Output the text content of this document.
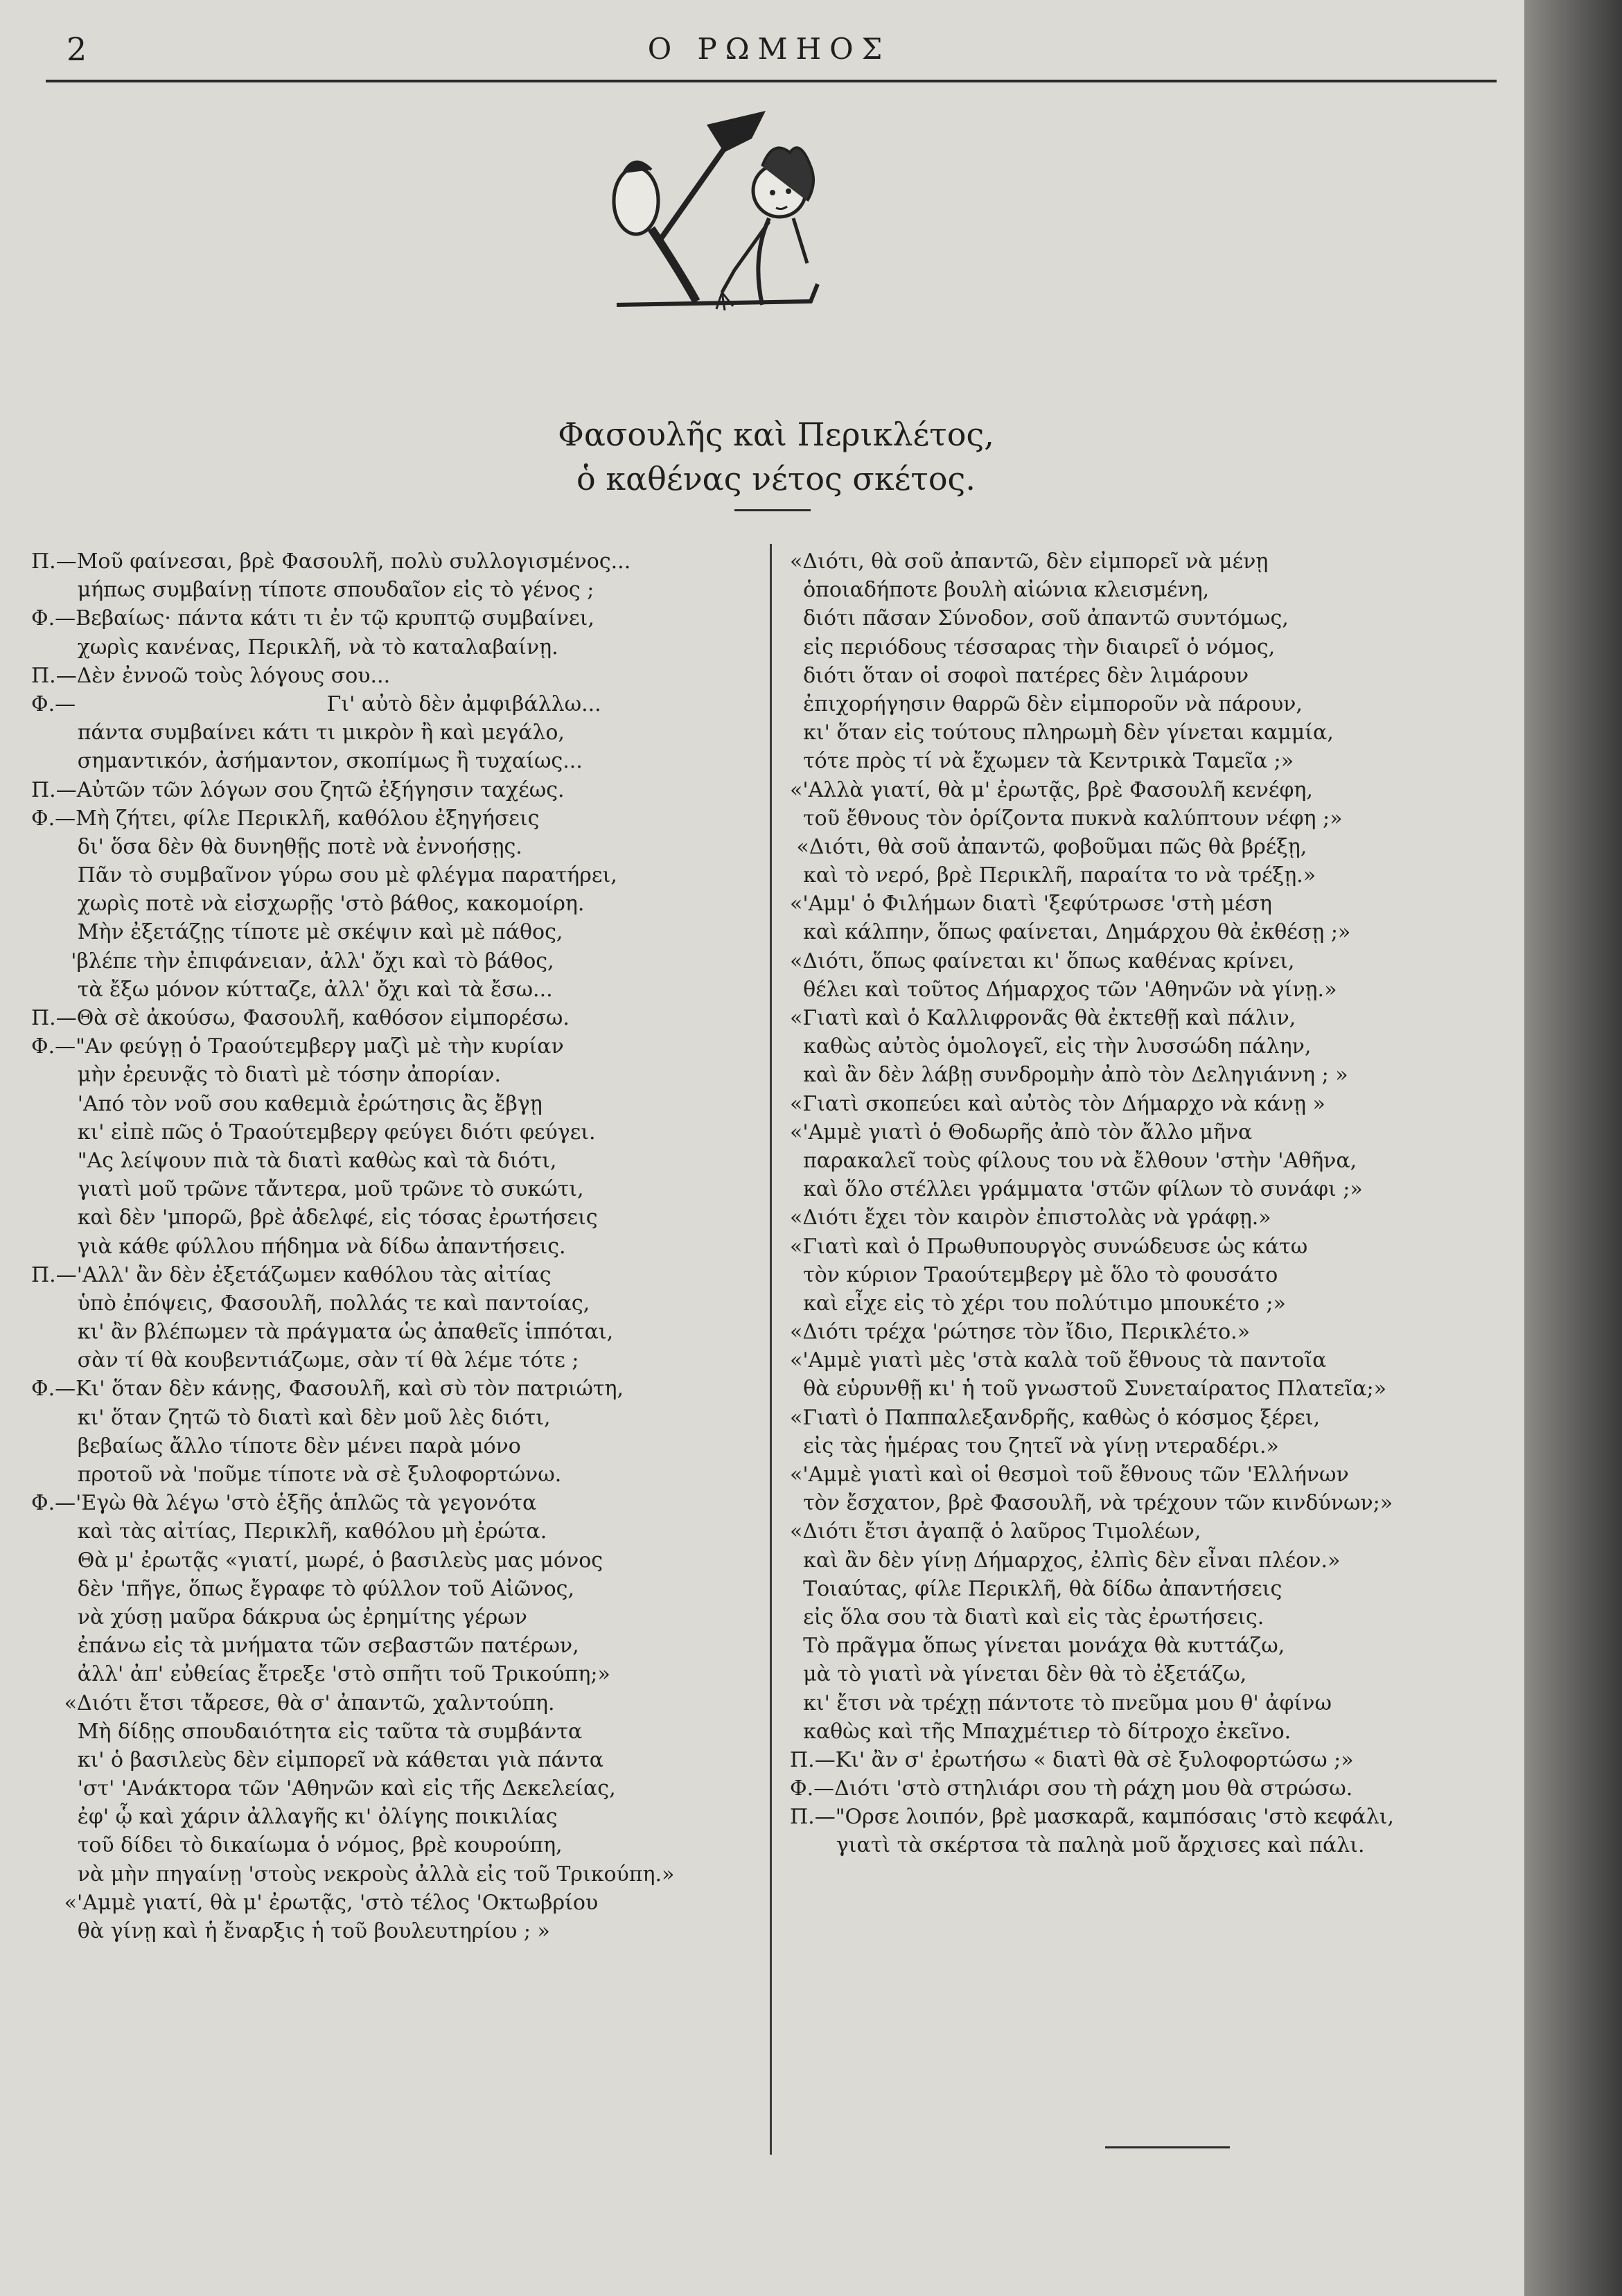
2	Ο ΡΩΜΗΟΣ
Φασουλῆς καὶ Περικλέτος,
ὁ καθένας νέτος σκέτος.
Π.—Μοῦ φαίνεσαι, βρὲ Φασουλῆ, πολὺ συλλογισμένος...
μήπως συμβαίνῃ τίποτε σπουδαῖον εἰς τὸ γένος ;
Φ.—Βεβαίως· πάντα κάτι τι ἐν τῷ κρυπτῷ συμβαίνει,
χωρὶς κανένας, Περικλῆ, νὰ τὸ καταλαβαίνῃ.
Π.—Δὲν ἐννοῶ τοὺς λόγους σου...
Φ.—                                      Γι' αὐτὸ δὲν ἀμφιβάλλω...
πάντα συμβαίνει κάτι τι μικρὸν ἢ καὶ μεγάλο,
σημαντικόν, ἀσήμαντον, σκοπίμως ἢ τυχαίως...
Π.—Αὐτῶν τῶν λόγων σου ζητῶ ἐξήγησιν ταχέως.
Φ.—Μὴ ζήτει, φίλε Περικλῆ, καθόλου ἐξηγήσεις
δι' ὅσα δὲν θὰ δυνηθῇς ποτὲ νὰ ἐννοήσῃς.
Πᾶν τὸ συμβαῖνον γύρω σου μὲ φλέγμα παρατήρει,
χωρὶς ποτὲ νὰ εἰσχωρῇς 'στὸ βάθος, κακομοίρη.
Μὴν ἐξετάζῃς τίποτε μὲ σκέψιν καὶ μὲ πάθος,
'βλέπε τὴν ἐπιφάνειαν, ἀλλ' ὄχι καὶ τὸ βάθος,
τὰ ἔξω μόνον κύτταζε, ἀλλ' ὄχι καὶ τὰ ἔσω...
Π.—Θὰ σὲ ἀκούσω, Φασουλῆ, καθόσον εἰμπορέσω.
Φ.—"Αν φεύγῃ ὁ Τραούτεμβεργ μαζὶ μὲ τὴν κυρίαν
μὴν ἐρευνᾷς τὸ διατὶ μὲ τόσην ἀπορίαν.
'Από τὸν νοῦ σου καθεμιὰ ἐρώτησις ἂς ἔβγῃ
κι' εἰπὲ πῶς ὁ Τραούτεμβεργ φεύγει διότι φεύγει.
"Ας λείψουν πιὰ τὰ διατὶ καθὼς καὶ τὰ διότι,
γιατὶ μοῦ τρῶνε τἄντερα, μοῦ τρῶνε τὸ συκώτι,
καὶ δὲν 'μπορῶ, βρὲ ἀδελφέ, εἰς τόσας ἐρωτήσεις
γιὰ κάθε φύλλου πήδημα νὰ δίδω ἀπαντήσεις.
Π.—'Αλλ' ἂν δὲν ἐξετάζωμεν καθόλου τὰς αἰτίας
ὑπὸ ἐπόψεις, Φασουλῆ, πολλάς τε καὶ παντοίας,
κι' ἂν βλέπωμεν τὰ πράγματα ὡς ἀπαθεῖς ἱππόται,
σὰν τί θὰ κουβεντιάζωμε, σὰν τί θὰ λέμε τότε ;
Φ.—Κι' ὅταν δὲν κάνῃς, Φασουλῆ, καὶ σὺ τὸν πατριώτη,
κι' ὅταν ζητῶ τὸ διατὶ καὶ δὲν μοῦ λὲς διότι,
βεβαίως ἄλλο τίποτε δὲν μένει παρὰ μόνο
προτοῦ νὰ 'ποῦμε τίποτε νὰ σὲ ξυλοφορτώνω.
Φ.—'Εγὼ θὰ λέγω 'στὸ ἑξῆς ἁπλῶς τὰ γεγονότα
καὶ τὰς αἰτίας, Περικλῆ, καθόλου μὴ ἐρώτα.
Θὰ μ' ἐρωτᾷς «γιατί, μωρέ, ὁ βασιλεὺς μας μόνος
δὲν 'πῆγε, ὅπως ἔγραφε τὸ φύλλον τοῦ Αἰῶνος,
νὰ χύσῃ μαῦρα δάκρυα ὡς ἐρημίτης γέρων
ἐπάνω εἰς τὰ μνήματα τῶν σεβαστῶν πατέρων,
ἀλλ' ἀπ' εὐθείας ἔτρεξε 'στὸ σπῆτι τοῦ Τρικούπη;»
«Διότι ἔτσι τἄρεσε, θὰ σ' ἀπαντῶ, χαλντούπη.
Μὴ δίδῃς σπουδαιότητα εἰς ταῦτα τὰ συμβάντα
κι' ὁ βασιλεὺς δὲν εἰμπορεῖ νὰ κάθεται γιὰ πάντα
'στ' 'Ανάκτορα τῶν 'Αθηνῶν καὶ εἰς τῆς Δεκελείας,
ἐφ' ᾧ καὶ χάριν ἀλλαγῆς κι' ὀλίγης ποικιλίας
τοῦ δίδει τὸ δικαίωμα ὁ νόμος, βρὲ κουρούπη,
νὰ μὴν πηγαίνῃ 'στοὺς νεκροὺς ἀλλὰ εἰς τοῦ Τρικούπη.»
«'Αμμὲ γιατί, θὰ μ' ἐρωτᾷς, 'στὸ τέλος 'Οκτωβρίου
θὰ γίνῃ καὶ ἡ ἔναρξις ἡ τοῦ βουλευτηρίου ; »
«Διότι, θὰ σοῦ ἀπαντῶ, δὲν εἰμπορεῖ νὰ μένῃ
ὁποιαδήποτε βουλὴ αἰώνια κλεισμένη,
διότι πᾶσαν Σύνοδον, σοῦ ἀπαντῶ συντόμως,
εἰς περιόδους τέσσαρας τὴν διαιρεῖ ὁ νόμος,
διότι ὅταν οἱ σοφοὶ πατέρες δὲν λιμάρουν
ἐπιχορήγησιν θαρρῶ δὲν εἰμποροῦν νὰ πάρουν,
κι' ὅταν εἰς τούτους πληρωμὴ δὲν γίνεται καμμία,
τότε πρὸς τί νὰ ἔχωμεν τὰ Κεντρικὰ Ταμεῖα ;»
«'Αλλὰ γιατί, θὰ μ' ἐρωτᾷς, βρὲ Φασουλῆ κενέφη,
τοῦ ἔθνους τὸν ὁρίζοντα πυκνὰ καλύπτουν νέφη ;»
«Διότι, θὰ σοῦ ἀπαντῶ, φοβοῦμαι πῶς θὰ βρέξῃ,
καὶ τὸ νερό, βρὲ Περικλῆ, παραίτα το νὰ τρέξῃ.»
«'Αμμ' ὁ Φιλήμων διατὶ 'ξεφύτρωσε 'στὴ μέση
καὶ κάλπην, ὅπως φαίνεται, Δημάρχου θὰ ἐκθέσῃ ;»
«Διότι, ὅπως φαίνεται κι' ὅπως καθένας κρίνει,
θέλει καὶ τοῦτος Δήμαρχος τῶν 'Αθηνῶν νὰ γίνῃ.»
«Γιατὶ καὶ ὁ Καλλιφρονᾶς θὰ ἐκτεθῇ καὶ πάλιν,
καθὼς αὐτὸς ὁμολογεῖ, εἰς τὴν λυσσώδη πάλην,
καὶ ἂν δὲν λάβῃ συνδρομὴν ἀπὸ τὸν Δεληγιάννη ; »
«Γιατὶ σκοπεύει καὶ αὐτὸς τὸν Δήμαρχο νὰ κάνῃ »
«'Αμμὲ γιατὶ ὁ Θοδωρῆς ἀπὸ τὸν ἄλλο μῆνα
παρακαλεῖ τοὺς φίλους του νὰ ἔλθουν 'στὴν 'Αθῆνα,
καὶ ὅλο στέλλει γράμματα 'στῶν φίλων τὸ συνάφι ;»
«Διότι ἔχει τὸν καιρὸν ἐπιστολὰς νὰ γράφῃ.»
«Γιατὶ καὶ ὁ Πρωθυπουργὸς συνώδευσε ὡς κάτω
τὸν κύριον Τραούτεμβεργ μὲ ὅλο τὸ φουσάτο
καὶ εἶχε εἰς τὸ χέρι του πολύτιμο μπουκέτο ;»
«Διότι τρέχα 'ρώτησε τὸν ἴδιο, Περικλέτο.»
«'Αμμὲ γιατὶ μὲς 'στὰ καλὰ τοῦ ἔθνους τὰ παντοῖα
θὰ εὑρυνθῇ κι' ἡ τοῦ γνωστοῦ Συνεταίρατος Πλατεῖα;»
«Γιατὶ ὁ Παππαλεξανδρῆς, καθὼς ὁ κόσμος ξέρει,
εἰς τὰς ἡμέρας του ζητεῖ νὰ γίνῃ ντεραδέρι.»
«'Αμμὲ γιατὶ καὶ οἱ θεσμοὶ τοῦ ἔθνους τῶν 'Ελλήνων
τὸν ἔσχατον, βρὲ Φασουλῆ, νὰ τρέχουν τῶν κινδύνων;»
«Διότι ἔτσι ἀγαπᾷ ὁ λαῦρος Τιμολέων,
καὶ ἂν δὲν γίνῃ Δήμαρχος, ἐλπὶς δὲν εἶναι πλέον.»
Τοιαύτας, φίλε Περικλῆ, θὰ δίδω ἀπαντήσεις
εἰς ὅλα σου τὰ διατὶ καὶ εἰς τὰς ἐρωτήσεις.
Τὸ πρᾶγμα ὅπως γίνεται μονάχα θὰ κυττάζω,
μὰ τὸ γιατὶ νὰ γίνεται δὲν θὰ τὸ ἐξετάζω,
κι' ἔτσι νὰ τρέχῃ πάντοτε τὸ πνεῦμα μου θ' ἀφίνω
καθὼς καὶ τῆς Μπαχμέτιερ τὸ δίτροχο ἐκεῖνο.
Π.—Κι' ἂν σ' ἐρωτήσω « διατὶ θὰ σὲ ξυλοφορτώσω ;»
Φ.—Διότι 'στὸ στηλιάρι σου τὴ ράχη μου θὰ στρώσω.
Π.—"Ορσε λοιπόν, βρὲ μασκαρᾶ, καμπόσαις 'στὸ κεφάλι,
γιατὶ τὰ σκέρτσα τὰ παληὰ μοῦ ἄρχισες καὶ πάλι.
